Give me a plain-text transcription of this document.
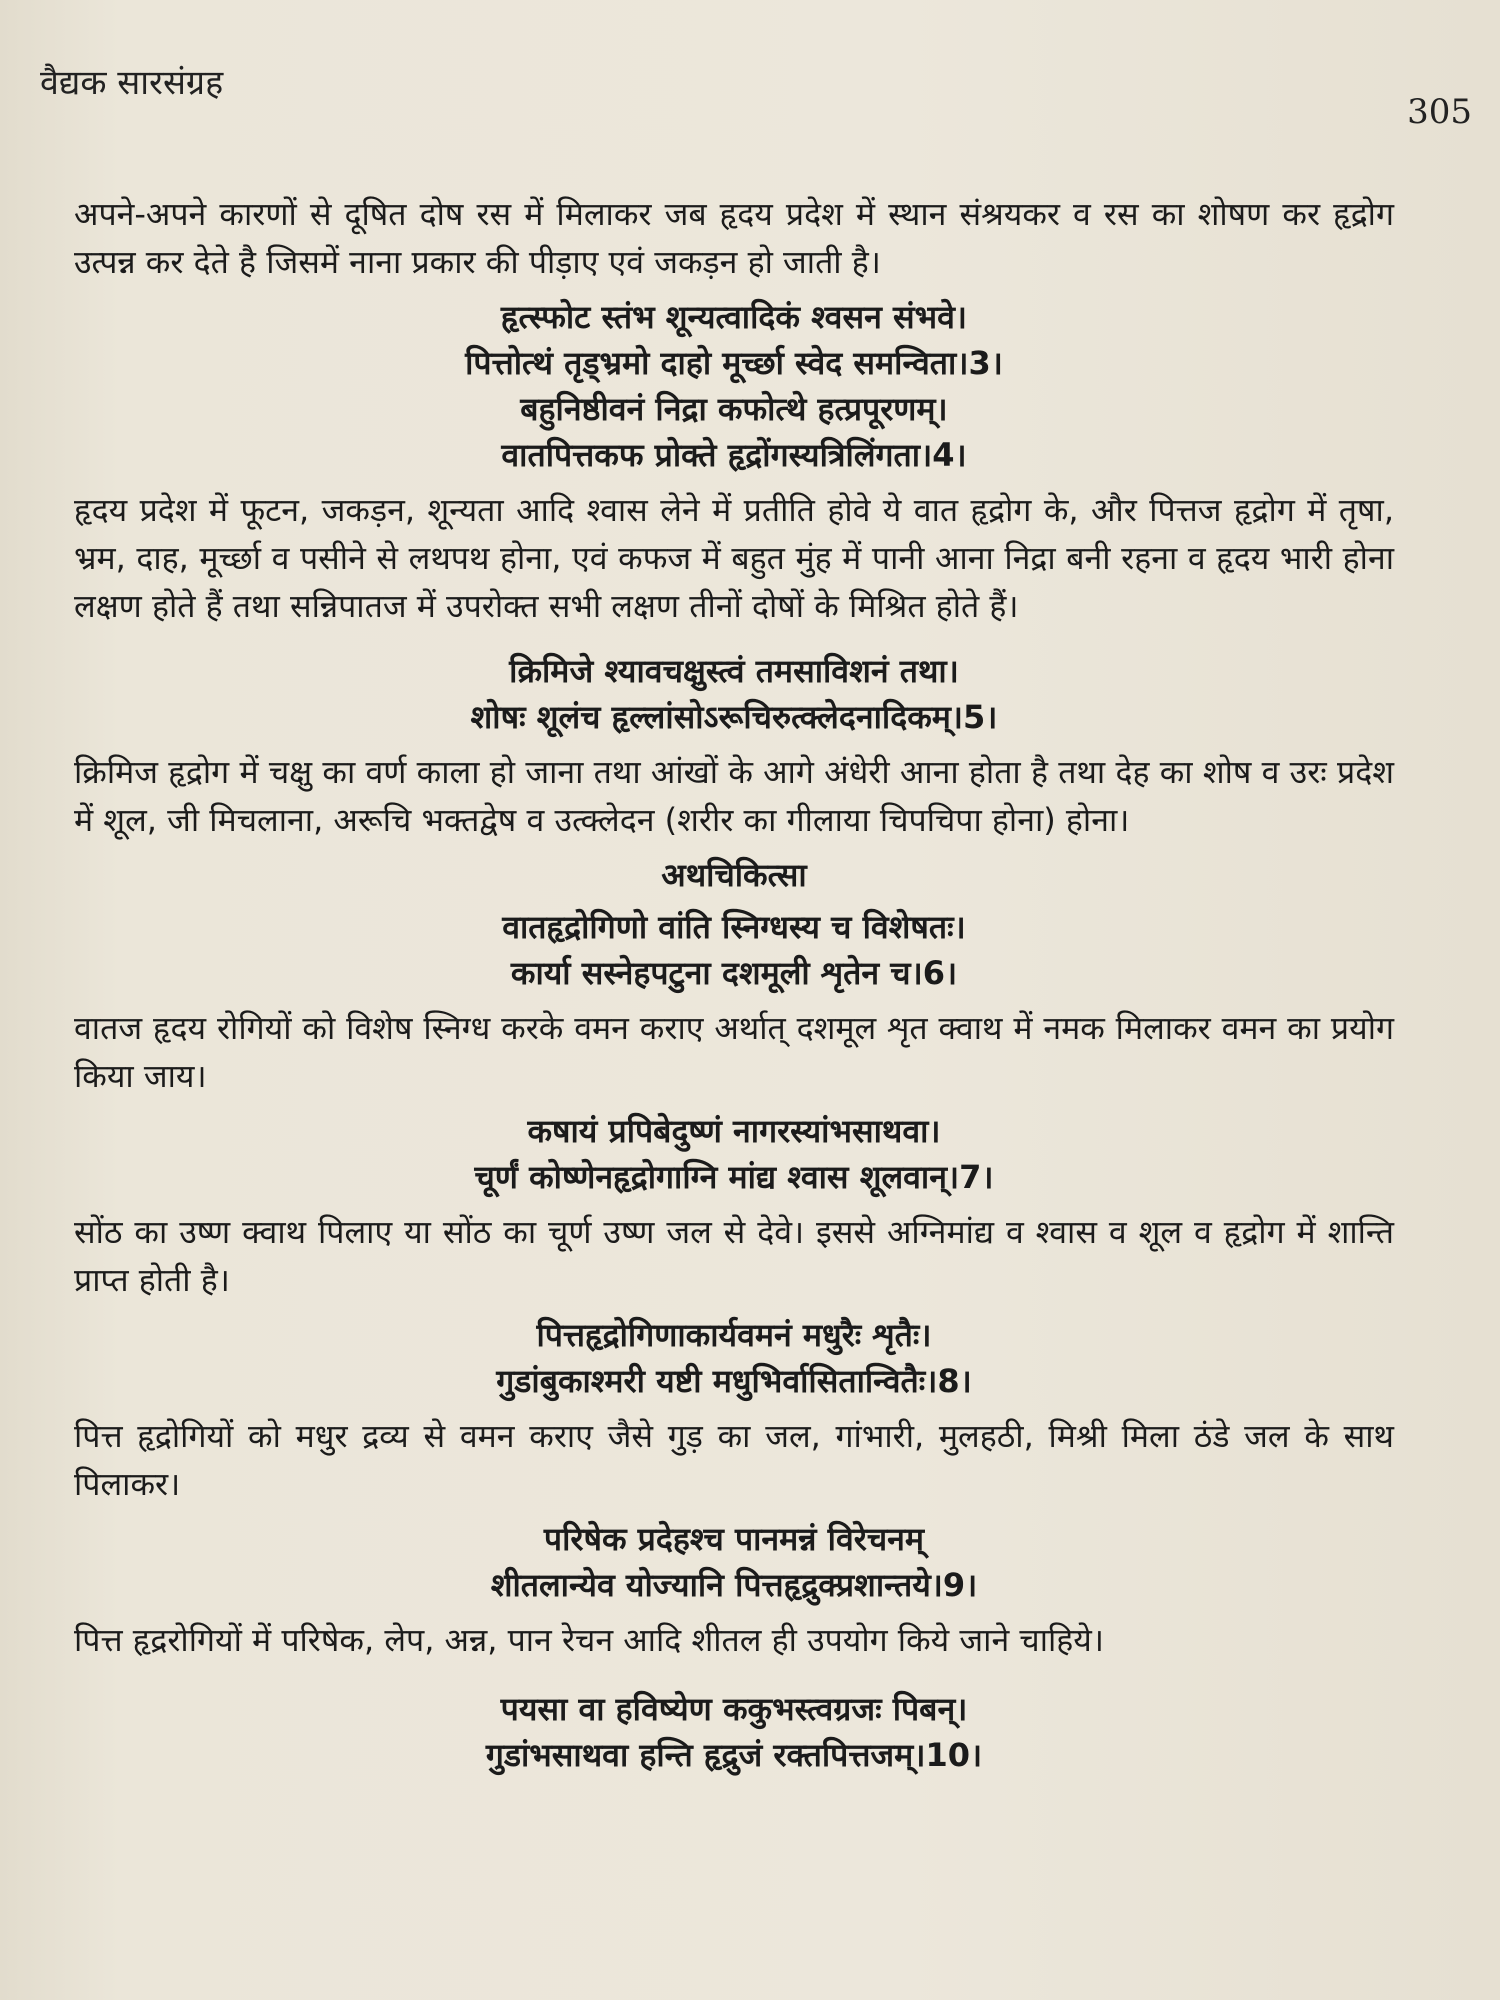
वैद्यक सारसंग्रह
305

अपने-अपने कारणों से दूषित दोष रस में मिलाकर जब हृदय प्रदेश में स्थान संश्रयकर व रस का शोषण कर हृद्रोग उत्पन्न कर देते है जिसमें नाना प्रकार की पीड़ाए एवं जकड़न हो जाती है।

हृत्स्फोट स्तंभ शून्यत्वादिकं श्वसन संभवे।

पित्तोत्थं तृड्भ्रमो दाहो मूर्च्छा स्वेद समन्विता।3।

बहुनिष्ठीवनं निद्रा कफोत्थे हत्प्रपूरणम्।

वातपित्तकफ प्रोक्ते हृद्रोंगस्यत्रिलिंगता।4।

हृदय प्रदेश में फूटन, जकड़न, शून्यता आदि श्वास लेने में प्रतीति होवे ये वात हृद्रोग के, और पित्तज हृद्रोग में तृषा, भ्रम, दाह, मूर्च्छा व पसीने से लथपथ होना, एवं कफज में बहुत मुंह में पानी आना निद्रा बनी रहना व हृदय भारी होना लक्षण होते हैं तथा सन्निपातज में उपरोक्त सभी लक्षण तीनों दोषों के मिश्रित होते हैं।

क्रिमिजे श्यावचक्षुस्त्वं तमसाविशनं तथा।

शोषः शूलंच हृल्लांसोऽरूचिरुत्क्लेदनादिकम्।5।

क्रिमिज हृद्रोग में चक्षु का वर्ण काला हो जाना तथा आंखों के आगे अंधेरी आना होता है तथा देह का शोष व उरः प्रदेश में शूल, जी मिचलाना, अरूचि भक्तद्वेष व उत्क्लेदन (शरीर का गीलाया चिपचिपा होना) होना।

अथचिकित्सा

वातहृद्रोगिणो वांति स्निग्धस्य च विशेषतः।

कार्या सस्नेहपटुना दशमूली शृतेन च।6।

वातज हृदय रोगियों को विशेष स्निग्ध करके वमन कराए अर्थात् दशमूल शृत क्वाथ में नमक मिलाकर वमन का प्रयोग किया जाय।

कषायं प्रपिबेदुष्णं नागरस्यांभसाथवा।

चूर्णं कोष्णेनहृद्रोगाग्नि मांद्य श्वास शूलवान्।7।

सोंठ का उष्ण क्वाथ पिलाए या सोंठ का चूर्ण उष्ण जल से देवे। इससे अग्निमांद्य व श्वास व शूल व हृद्रोग में शान्ति प्राप्त होती है।

पित्तहृद्रोगिणाकार्यवमनं मधुरैः शृतैः।

गुडांबुकाश्मरी यष्टी मधुभिर्वासितान्वितैः।8।

पित्त हृद्रोगियों को मधुर द्रव्य से वमन कराए जैसे गुड़ का जल, गांभारी, मुलहठी, मिश्री मिला ठंडे जल के साथ पिलाकर।

परिषेक प्रदेहश्च पानमन्नं विरेचनम्

शीतलान्येव योज्यानि पित्तहृद्रुक्प्रशान्तये।9।

पित्त हृद्ररोगियों में परिषेक, लेप, अन्न, पान रेचन आदि शीतल ही उपयोग किये जाने चाहिये।

पयसा वा हविष्येण ककुभस्त्वग्रजः पिबन्।

गुडांभसाथवा हन्ति हृद्रुजं रक्तपित्तजम्।10।
